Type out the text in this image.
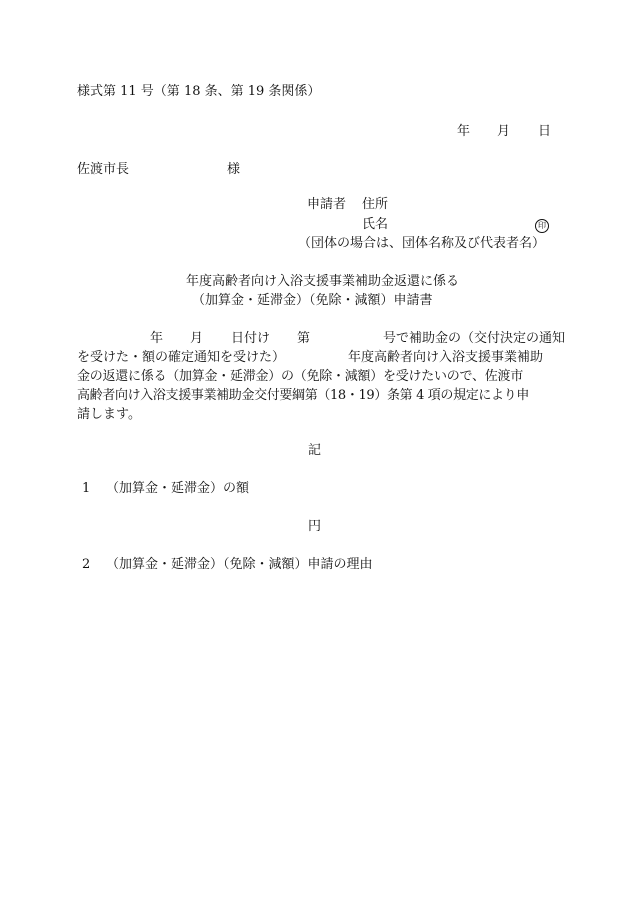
様式第 11 号（第 18 条、第 19 条関係）
年 月 日
佐渡市長	様
申請者 住所
氏名	印
（団体の場合は、団体名称及び代表者名）
年度高齢者向け入浴支援事業補助金返還に係る
（加算金・延滞金）（免除・減額）申請書
年 月 日付け 第	号で補助金の（交付決定の通知
を受けた・額の確定通知を受けた）	年度高齢者向け入浴支援事業補助
金の返還に係る（加算金・延滞金）の（免除・減額）を受けたいので、佐渡市
高齢者向け入浴支援事業補助金交付要綱第（18・19）条第 4 項の規定により申
請します。
記
1 （加算金・延滞金）の額
円
2 （加算金・延滞金）（免除・減額）申請の理由
